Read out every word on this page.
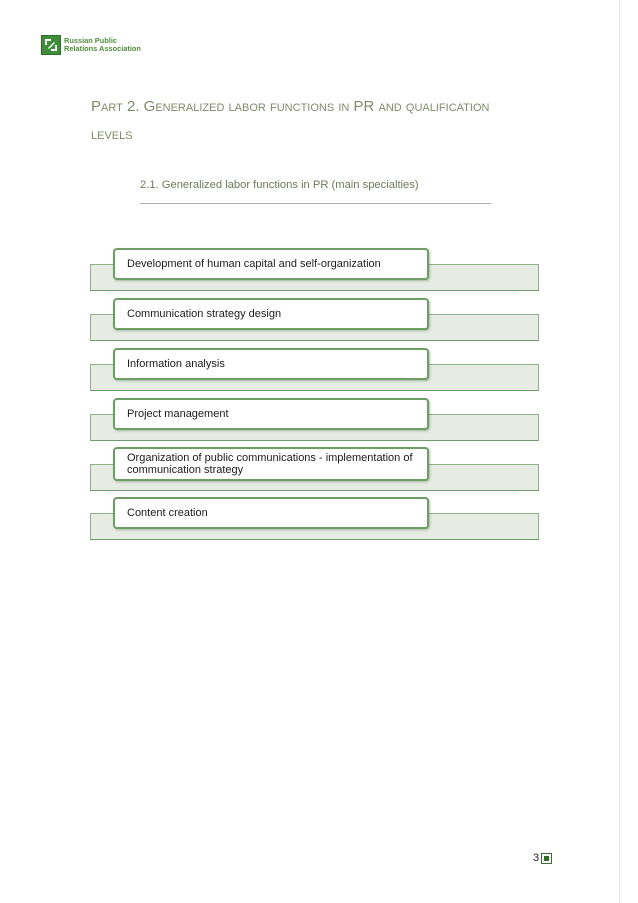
Russian Public
Relations Association
Part 2. Generalized labor functions in PR and qualification levels
2.1. Generalized labor functions in PR (main specialties)
Development of human capital and self-organization
Communication strategy design
Information analysis
Project management
Organization of public communications - implementation of communication strategy
Content creation
3
